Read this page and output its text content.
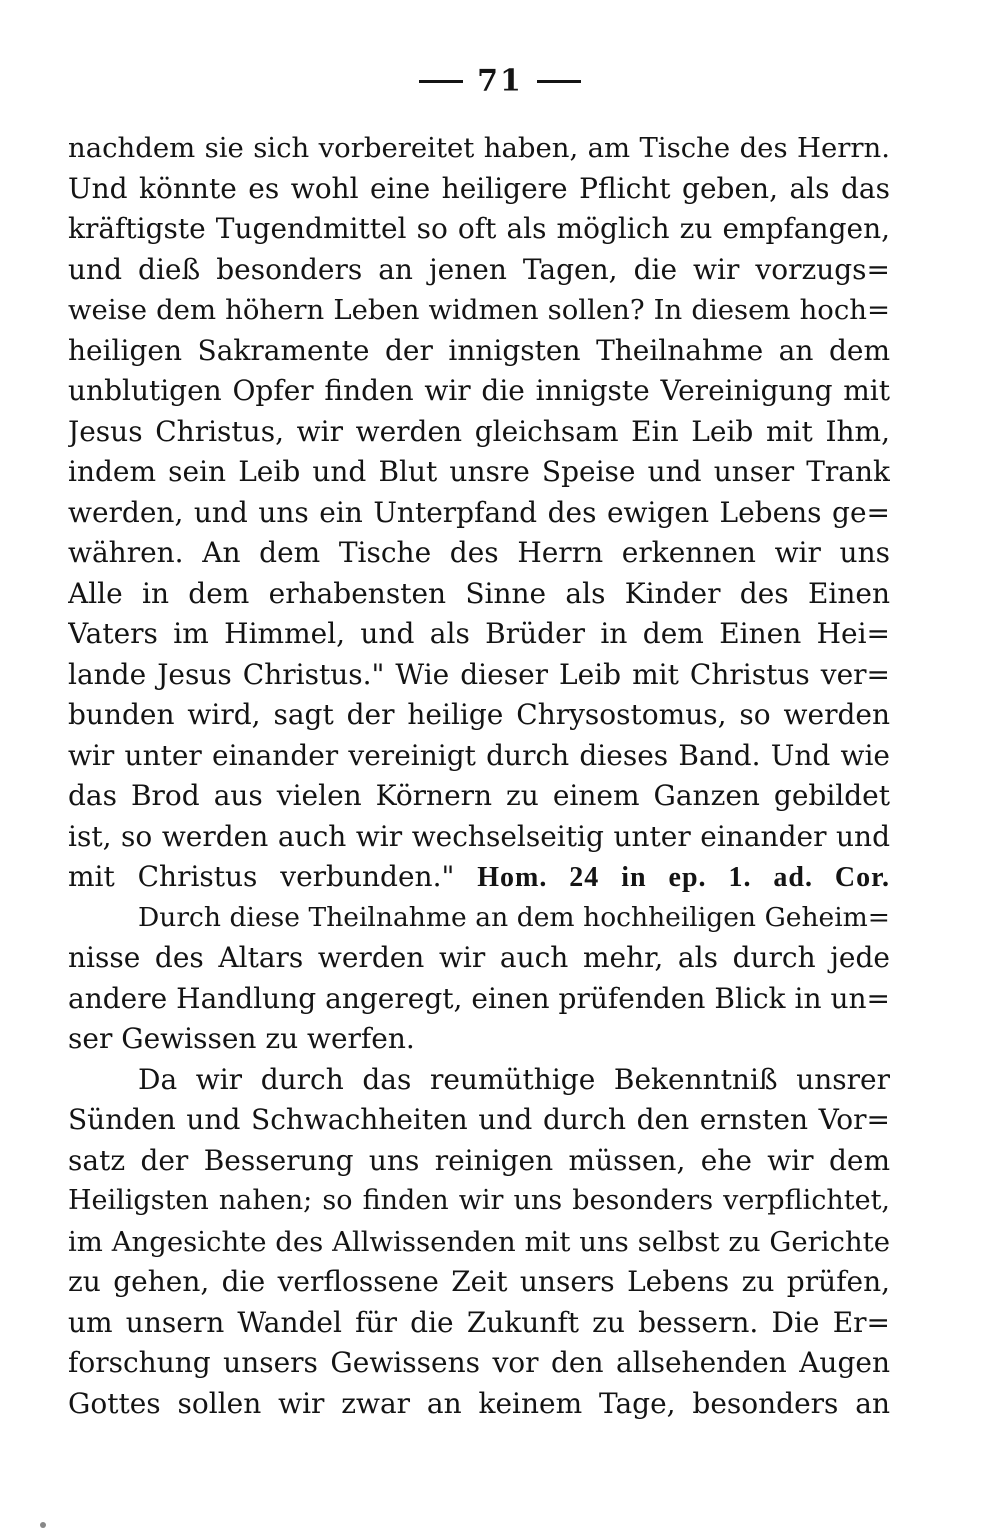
71
nachdem sie sich vorbereitet haben, am Tische des Herrn.
Und könnte es wohl eine heiligere Pflicht geben, als das
kräftigste Tugendmittel so oft als möglich zu empfangen,
und dieß besonders an jenen Tagen, die wir vorzugs=
weise dem höhern Leben widmen sollen? In diesem hoch=
heiligen Sakramente der innigsten Theilnahme an dem
unblutigen Opfer finden wir die innigste Vereinigung mit
Jesus Christus, wir werden gleichsam Ein Leib mit Ihm,
indem sein Leib und Blut unsre Speise und unser Trank
werden, und uns ein Unterpfand des ewigen Lebens ge=
währen. An dem Tische des Herrn erkennen wir uns
Alle in dem erhabensten Sinne als Kinder des Einen
Vaters im Himmel, und als Brüder in dem Einen Hei=
lande Jesus Christus." Wie dieser Leib mit Christus ver=
bunden wird, sagt der heilige Chrysostomus, so werden
wir unter einander vereinigt durch dieses Band. Und wie
das Brod aus vielen Körnern zu einem Ganzen gebildet
ist, so werden auch wir wechselseitig unter einander und
mit Christus verbunden." Hom. 24 in ep. 1. ad. Cor.
Durch diese Theilnahme an dem hochheiligen Geheim=
nisse des Altars werden wir auch mehr, als durch jede
andere Handlung angeregt, einen prüfenden Blick in un=
ser Gewissen zu werfen.
Da wir durch das reumüthige Bekenntniß unsrer
Sünden und Schwachheiten und durch den ernsten Vor=
satz der Besserung uns reinigen müssen, ehe wir dem
Heiligsten nahen; so finden wir uns besonders verpflichtet,
im Angesichte des Allwissenden mit uns selbst zu Gerichte
zu gehen, die verflossene Zeit unsers Lebens zu prüfen,
um unsern Wandel für die Zukunft zu bessern. Die Er=
forschung unsers Gewissens vor den allsehenden Augen
Gottes sollen wir zwar an keinem Tage, besonders an
